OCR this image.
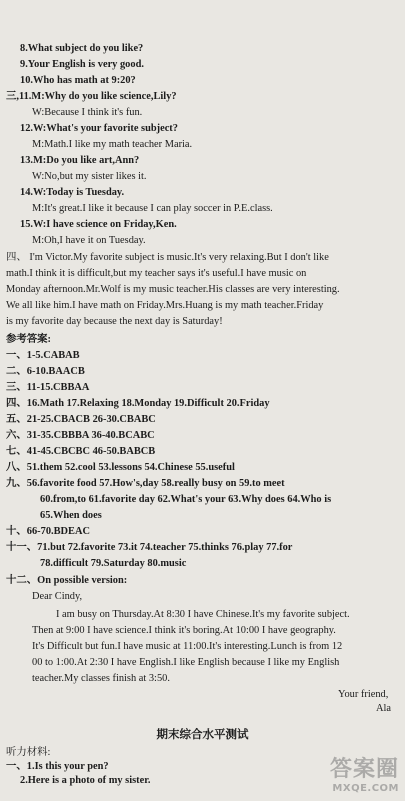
8.What subject do you like?
9.Your English is very good.
10.Who has math at 9:20?
三,11.M:Why do you like science,Lily?
W:Because I think it's fun.
12.W:What's your favorite subject?
M:Math.I like my math teacher Maria.
13.M:Do you like art,Ann?
W:No,but my sister likes it.
14.W:Today is Tuesday.
M:It's great.I like it because I can play soccer in P.E.class.
15.W:I have science on Friday,Ken.
M:Oh,I have it on Tuesday.
四、 I'm Victor.My favorite subject is music.It's very relaxing.But I don't like
math.I think it is difficult,but my teacher says it's useful.I have music on
Monday afternoon.Mr.Wolf is my music teacher.His classes are very interesting.
We all like him.I have math on Friday.Mrs.Huang is my math teacher.Friday
is my favorite day because the next day is Saturday!
参考答案:
一、1-5.CABAB
二、6-10.BAACB
三、11-15.CBBAA
四、16.Math 17.Relaxing 18.Monday 19.Difficult 20.Friday
五、21-25.CBACB 26-30.CBABC
六、31-35.CBBBA 36-40.BCABC
七、41-45.CBCBC 46-50.BABCB
八、51.them 52.cool 53.lessons 54.Chinese 55.useful
九、56.favorite food 57.How's,day 58.really busy on 59.to meet
60.from,to 61.favorite day 62.What's your 63.Why does 64.Who is
65.When does
十、66-70.BDEAC
十一、71.but 72.favorite 73.it 74.teacher 75.thinks 76.play 77.for
78.difficult 79.Saturday 80.music
十二、On possible version:
Dear Cindy,
I am busy on Thursday.At 8:30 I have Chinese.It's my favorite subject.
Then at 9:00 I have science.I think it's boring.At 10:00 I have geography.
It's Difficult but fun.I have music at 11:00.It's interesting.Lunch is from 12
00 to 1:00.At 2:30 I have English.I like English because I like my English
teacher.My classes finish at 3:50.
Your friend,
Ala
期末综合水平测试
听力材料:
一、1.Is this your pen?
2.Here is a photo of my sister.	答案圈
MXQE.COM
